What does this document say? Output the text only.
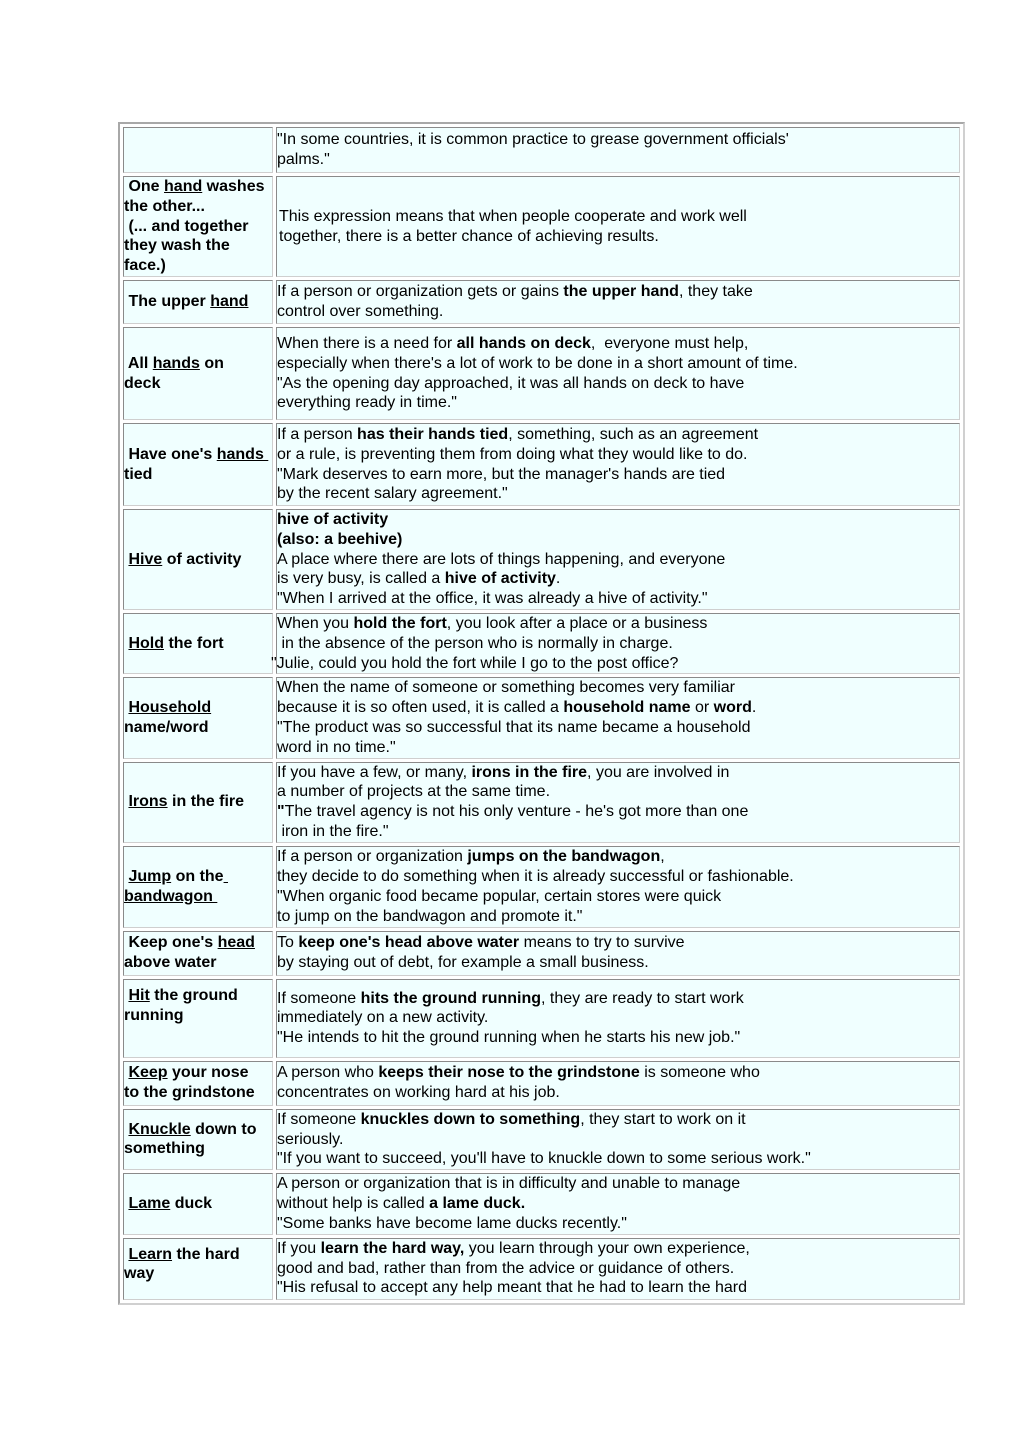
	"In some countries, it is common practice to grease government officials'
palms."

One hand washes
the other...
(... and together
they wash the
face.)	This expression means that when people cooperate and work well
together, there is a better chance of achieving results.

The upper hand	If a person or organization gets or gains the upper hand, they take
control over something.

All hands on
deck	When there is a need for all hands on deck,  everyone must help,
especially when there's a lot of work to be done in a short amount of time.
"As the opening day approached, it was all hands on deck to have
everything ready in time."

Have one's hands
tied	If a person has their hands tied, something, such as an agreement
or a rule, is preventing them from doing what they would like to do.
"Mark deserves to earn more, but the manager's hands are tied
by the recent salary agreement."

Hive of activity	hive of activity
(also: a beehive)
A place where there are lots of things happening, and everyone
is very busy, is called a hive of activity.
"When I arrived at the office, it was already a hive of activity."

Hold the fort	When you hold the fort, you look after a place or a business
in the absence of the person who is normally in charge.
"Julie, could you hold the fort while I go to the post office?

Household
name/word	When the name of someone or something becomes very familiar
because it is so often used, it is called a household name or word.
"The product was so successful that its name became a household
word in no time."

Irons in the fire	If you have a few, or many, irons in the fire, you are involved in
a number of projects at the same time.
"The travel agency is not his only venture - he's got more than one
iron in the fire."

Jump on the
bandwagon	If a person or organization jumps on the bandwagon,
they decide to do something when it is already successful or fashionable.
"When organic food became popular, certain stores were quick
to jump on the bandwagon and promote it."

Keep one's head
above water	To keep one's head above water means to try to survive
by staying out of debt, for example a small business.

Hit the ground
running	If someone hits the ground running, they are ready to start work
immediately on a new activity.
"He intends to hit the ground running when he starts his new job."

Keep your nose
to the grindstone	A person who keeps their nose to the grindstone is someone who
concentrates on working hard at his job.

Knuckle down to
something	If someone knuckles down to something, they start to work on it
seriously.
"If you want to succeed, you'll have to knuckle down to some serious work."

Lame duck	A person or organization that is in difficulty and unable to manage
without help is called a lame duck.
"Some banks have become lame ducks recently."

Learn the hard
way	If you learn the hard way, you learn through your own experience,
good and bad, rather than from the advice or guidance of others.
"His refusal to accept any help meant that he had to learn the hard
